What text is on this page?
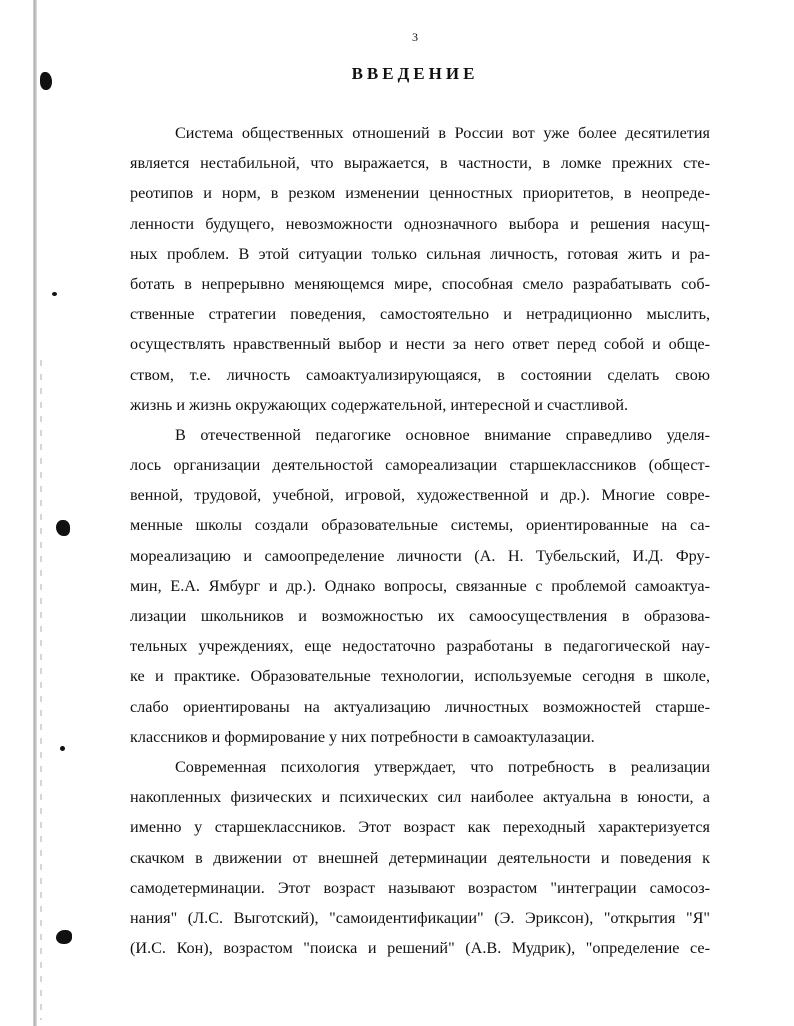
3
ВВЕДЕНИЕ
Система общественных отношений в России вот уже более десятилетия
является нестабильной, что выражается, в частности, в ломке прежних сте-
реотипов и норм, в резком изменении ценностных приоритетов, в неопреде-
ленности будущего, невозможности однозначного выбора и решения насущ-
ных проблем. В этой ситуации только сильная личность, готовая жить и ра-
ботать в непрерывно меняющемся мире, способная смело разрабатывать соб-
ственные стратегии поведения, самостоятельно и нетрадиционно мыслить,
осуществлять нравственный выбор и нести за него ответ перед собой и обще-
ством, т.е. личность самоактуализирующаяся, в состоянии сделать свою
жизнь и жизнь окружающих содержательной, интересной и счастливой.
В отечественной педагогике основное внимание справедливо уделя-
лось организации деятельностой самореализации старшеклассников (общест-
венной, трудовой, учебной, игровой, художественной и др.). Многие совре-
менные школы создали образовательные системы, ориентированные на са-
мореализацию и самоопределение личности (А. Н. Тубельский, И.Д. Фру-
мин, Е.А. Ямбург и др.). Однако вопросы, связанные с проблемой самоактуа-
лизации школьников и возможностью их самоосуществления в образова-
тельных учреждениях, еще недостаточно разработаны в педагогической нау-
ке и практике. Образовательные технологии, используемые сегодня в школе,
слабо ориентированы на актуализацию личностных возможностей старше-
классников и формирование у них потребности в самоактулазации.
Современная психология утверждает, что потребность в реализации
накопленных физических и психических сил наиболее актуальна в юности, а
именно у старшеклассников. Этот возраст как переходный характеризуется
скачком в движении от внешней детерминации деятельности и поведения к
самодетерминации. Этот возраст называют возрастом "интеграции самосоз-
нания" (Л.С. Выготский), "самоидентификации" (Э. Эриксон), "открытия "Я"
(И.С. Кон), возрастом "поиска и решений" (А.В. Мудрик), "определение се-
